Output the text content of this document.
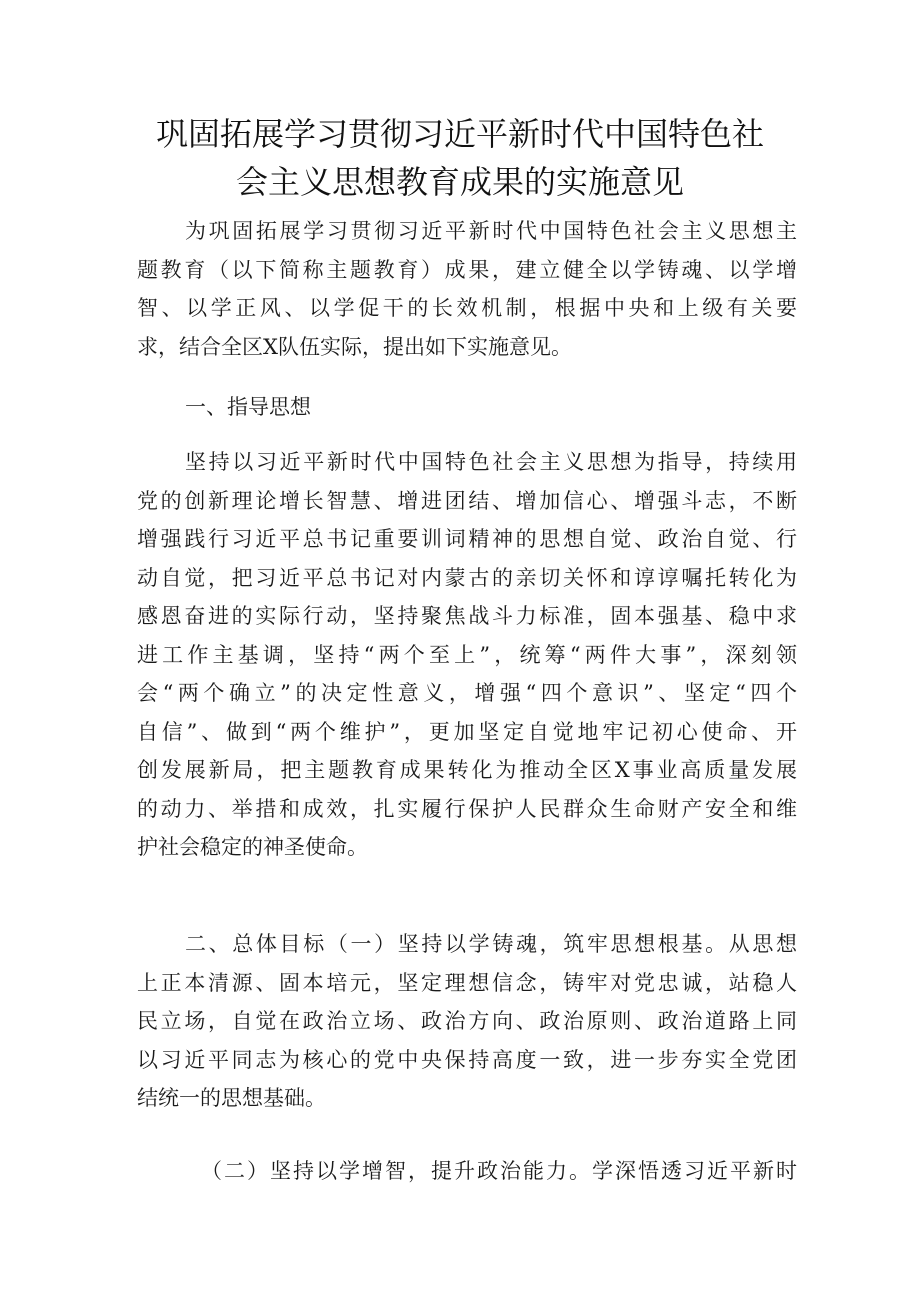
巩固拓展学习贯彻习近平新时代中国特色社
会主义思想教育成果的实施意见
为巩固拓展学习贯彻习近平新时代中国特色社会主义思想主
题教育（以下简称主题教育）成果，建立健全以学铸魂、以学增
智、以学正风、以学促干的长效机制，根据中央和上级有关要
求，结合全区X队伍实际，提出如下实施意见。
一、指导思想
坚持以习近平新时代中国特色社会主义思想为指导，持续用
党的创新理论增长智慧、增进团结、增加信心、增强斗志，不断
增强践行习近平总书记重要训词精神的思想自觉、政治自觉、行
动自觉，把习近平总书记对内蒙古的亲切关怀和谆谆嘱托转化为
感恩奋进的实际行动，坚持聚焦战斗力标准，固本强基、稳中求
进工作主基调，坚持“两个至上”，统筹“两件大事”，深刻领
会“两个确立”的决定性意义，增强“四个意识”、坚定“四个
自信”、做到“两个维护”，更加坚定自觉地牢记初心使命、开
创发展新局，把主题教育成果转化为推动全区X事业高质量发展
的动力、举措和成效，扎实履行保护人民群众生命财产安全和维
护社会稳定的神圣使命。
二、总体目标（一）坚持以学铸魂，筑牢思想根基。从思想
上正本清源、固本培元，坚定理想信念，铸牢对党忠诚，站稳人
民立场，自觉在政治立场、政治方向、政治原则、政治道路上同
以习近平同志为核心的党中央保持高度一致，进一步夯实全党团
结统一的思想基础。
（二）坚持以学增智，提升政治能力。学深悟透习近平新时
